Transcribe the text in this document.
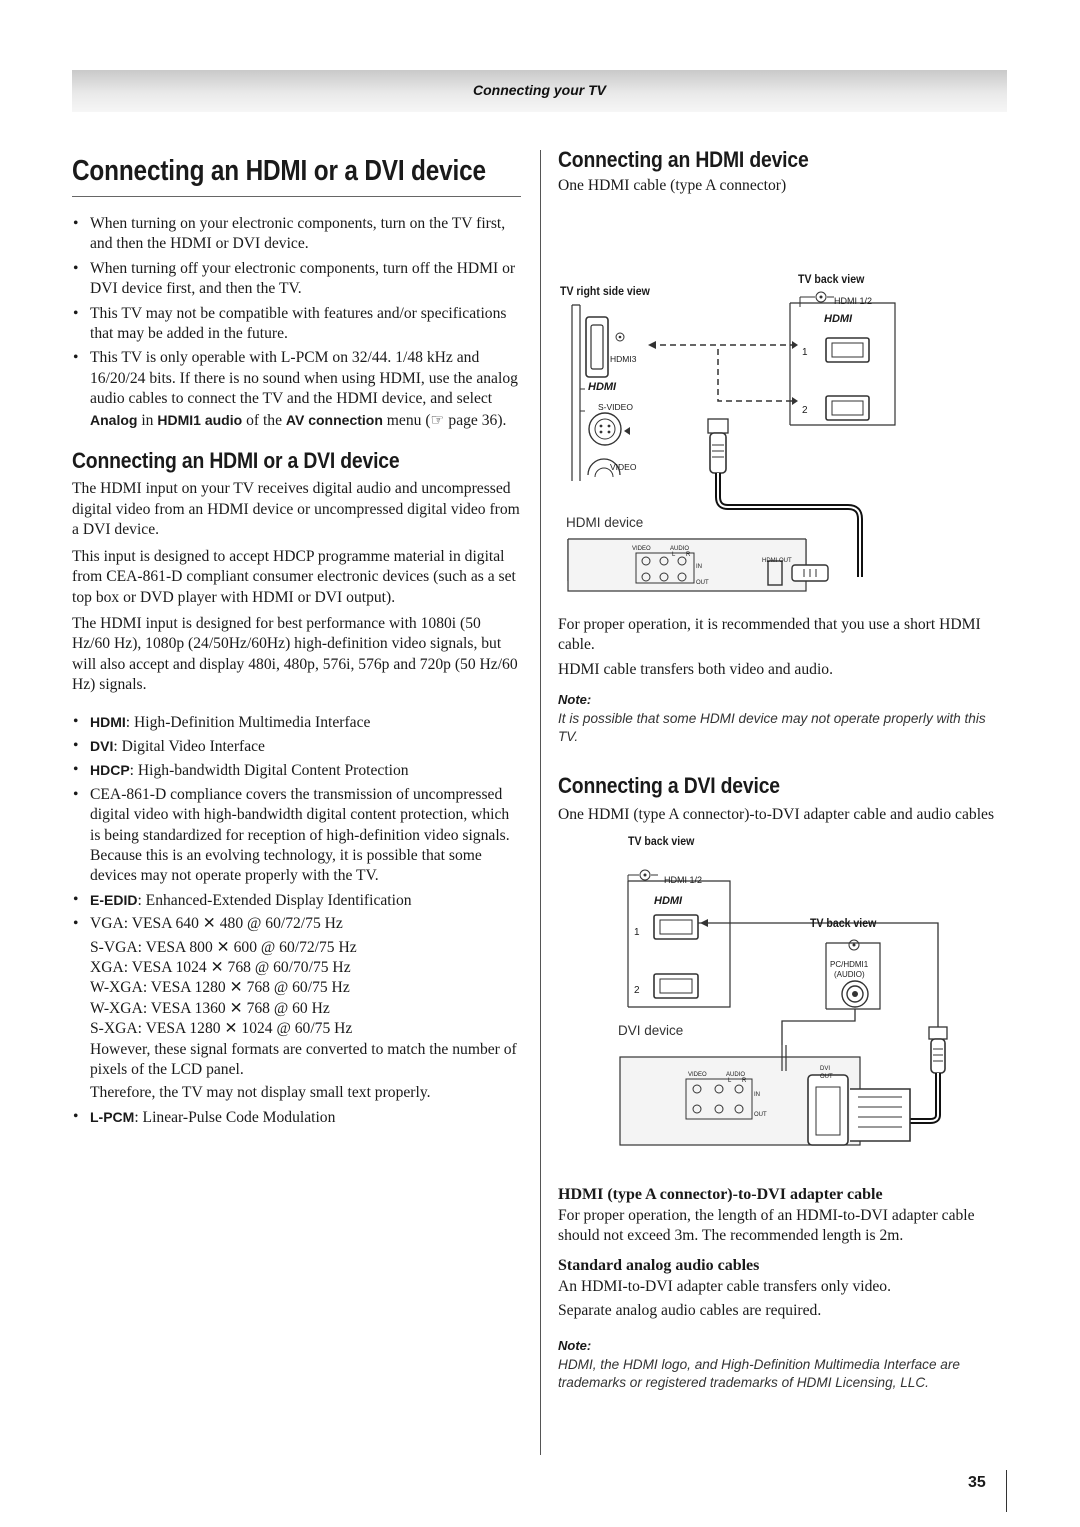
Connecting your TV
Connecting an HDMI or a DVI device
• When turning on your electronic components, turn on the TV first, and then the HDMI or DVI device.
• When turning off your electronic components, turn off the HDMI or DVI device first, and then the TV.
• This TV may not be compatible with features and/or specifications that may be added in the future.
• This TV is only operable with L-PCM on 32/44. 1/48 kHz and 16/20/24 bits. If there is no sound when using HDMI, use the analog audio cables to connect the TV and the HDMI device, and select Analog in HDMI1 audio of the AV connection menu (☞ page 36).
Connecting an HDMI or a DVI device

The HDMI input on your TV receives digital audio and uncompressed digital video from an HDMI device or uncompressed digital video from a DVI device.

This input is designed to accept HDCP programme material in digital from CEA-861-D compliant consumer electronic devices (such as a set top box or DVD player with HDMI or DVI output).

The HDMI input is designed for best performance with 1080i (50 Hz/60 Hz), 1080p (24/50Hz/60Hz) high-definition video signals, but will also accept and display 480i, 480p, 576i, 576p and 720p (50 Hz/60 Hz) signals.

• HDMI: High-Definition Multimedia Interface
• DVI: Digital Video Interface
• HDCP: High-bandwidth Digital Content Protection
• CEA-861-D compliance covers the transmission of uncompressed digital video with high-bandwidth digital content protection, which is being standardized for reception of high-definition video signals. Because this is an evolving technology, it is possible that some devices may not operate properly with the TV.
• E-EDID: Enhanced-Extended Display Identification
• VGA: VESA 640 ✕ 480 @ 60/72/75 Hz
S-VGA: VESA 800 ✕ 600 @ 60/72/75 Hz
XGA: VESA 1024 ✕ 768 @ 60/70/75 Hz
W-XGA: VESA 1280 ✕ 768 @ 60/75 Hz
W-XGA: VESA 1360 ✕ 768 @ 60 Hz
S-XGA: VESA 1280 ✕ 1024 @ 60/75 Hz
However, these signal formats are converted to match the number of pixels of the LCD panel.
Therefore, the TV may not display small text properly.
• L-PCM: Linear-Pulse Code Modulation
Connecting an HDMI device

One HDMI cable (type A connector)

TV right side view
TV back view
HDMI 1/2
HDMI
HDMI3
HDMI
S-VIDEO
VIDEO
1
2
HDMI device
VIDEO	AUDIO
L R
IN
OUT
HDMI OUT

For proper operation, it is recommended that you use a short HDMI cable.

HDMI cable transfers both video and audio.

Note:
It is possible that some HDMI device may not operate properly with this TV.
Connecting a DVI device

One HDMI (type A connector)-to-DVI adapter cable and audio cables

TV back view
HDMI 1/2
HDMI
1
2
TV back view
PC/HDMI1
(AUDIO)
DVI device
VIDEO	AUDIO
L R
IN
OUT
DVI
OUT
HDMI (type A connector)-to-DVI adapter cable

For proper operation, the length of an HDMI-to-DVI adapter cable should not exceed 3m. The recommended length is 2m.

Standard analog audio cables

An HDMI-to-DVI adapter cable transfers only video.

Separate analog audio cables are required.

Note:
HDMI, the HDMI logo, and High-Definition Multimedia Interface are trademarks or registered trademarks of HDMI Licensing, LLC.
35
